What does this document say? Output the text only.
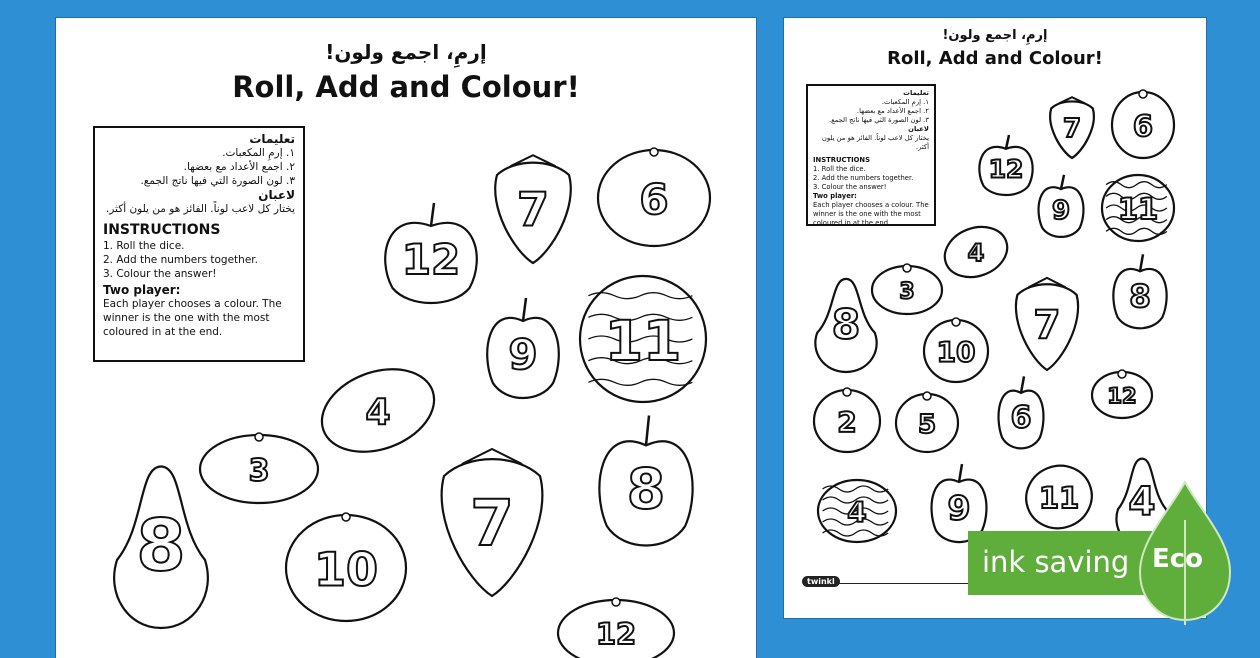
إرمِ، اجمع ولون!
Roll, Add and Colour!
تعليمات
١. إرمِ المكعبات.
٢. اجمع الأعداد مع بعضها.
٣. لون الصورة التي فيها ناتج الجمع.
لاعبان
يختار كل لاعب لوناً. الفائز هو من يلون أكثر.
INSTRUCTIONS
1. Roll the dice.
2. Add the numbers together.
3. Colour the answer!
Two player:
Each player chooses a colour. The winner is the one with the most coloured in at the end.
12
7 6
9 11
4
8
3
7 8
10
12
إرمِ، اجمع ولون!
Roll, Add and Colour!
تعليمات
١. إرمِ المكعبات.
٢. اجمع الأعداد مع بعضها.
٣. لون الصورة التي فيها ناتج الجمع.
لاعبان
يختار كل لاعب لوناً. الفائز هو من يلون أكثر.
INSTRUCTIONS
1. Roll the dice.
2. Add the numbers together.
3. Colour the answer!
Two player:
Each player chooses a colour. The winner is the one with the most coloured in at the end.
7 6
12
9 11
4
8
3
10
7
8
12
2 5 6
4 9 11 4
twinkl
ink saving Eco
